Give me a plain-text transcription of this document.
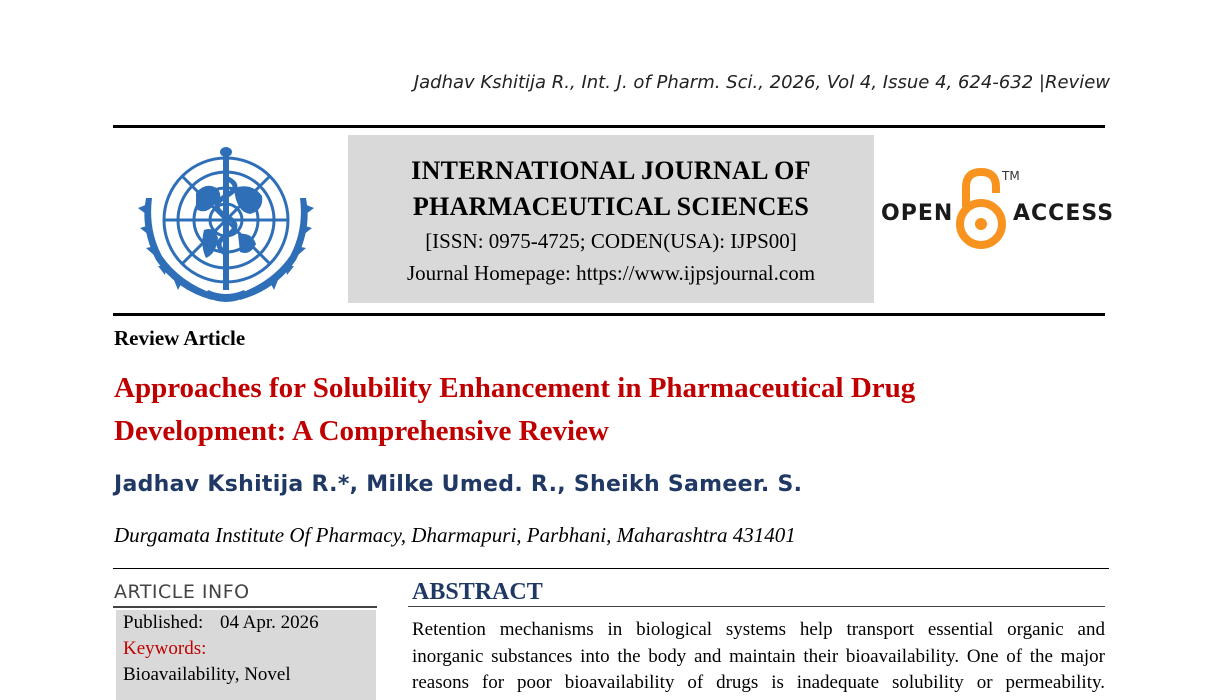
Jadhav Kshitija R., Int. J. of Pharm. Sci., 2026, Vol 4, Issue 4, 624-632 |Review
INTERNATIONAL JOURNAL OF
PHARMACEUTICAL SCIENCES
[ISSN: 0975-4725; CODEN(USA): IJPS00]
Journal Homepage: https://www.ijpsjournal.com
OPEN
TM
ACCESS
Review Article
Approaches for Solubility Enhancement in Pharmaceutical Drug
Development: A Comprehensive Review
Jadhav Kshitija R.*, Milke Umed. R., Sheikh Sameer. S.
Durgamata Institute Of Pharmacy, Dharmapuri, Parbhani, Maharashtra 431401
ARTICLE INFO
Published: 04 Apr. 2026
Keywords:
Bioavailability, Novel
ABSTRACT
Retention mechanisms in biological systems help transport essential organic and
inorganic substances into the body and maintain their bioavailability. One of the major
reasons for poor bioavailability of drugs is inadequate solubility or permeability.
